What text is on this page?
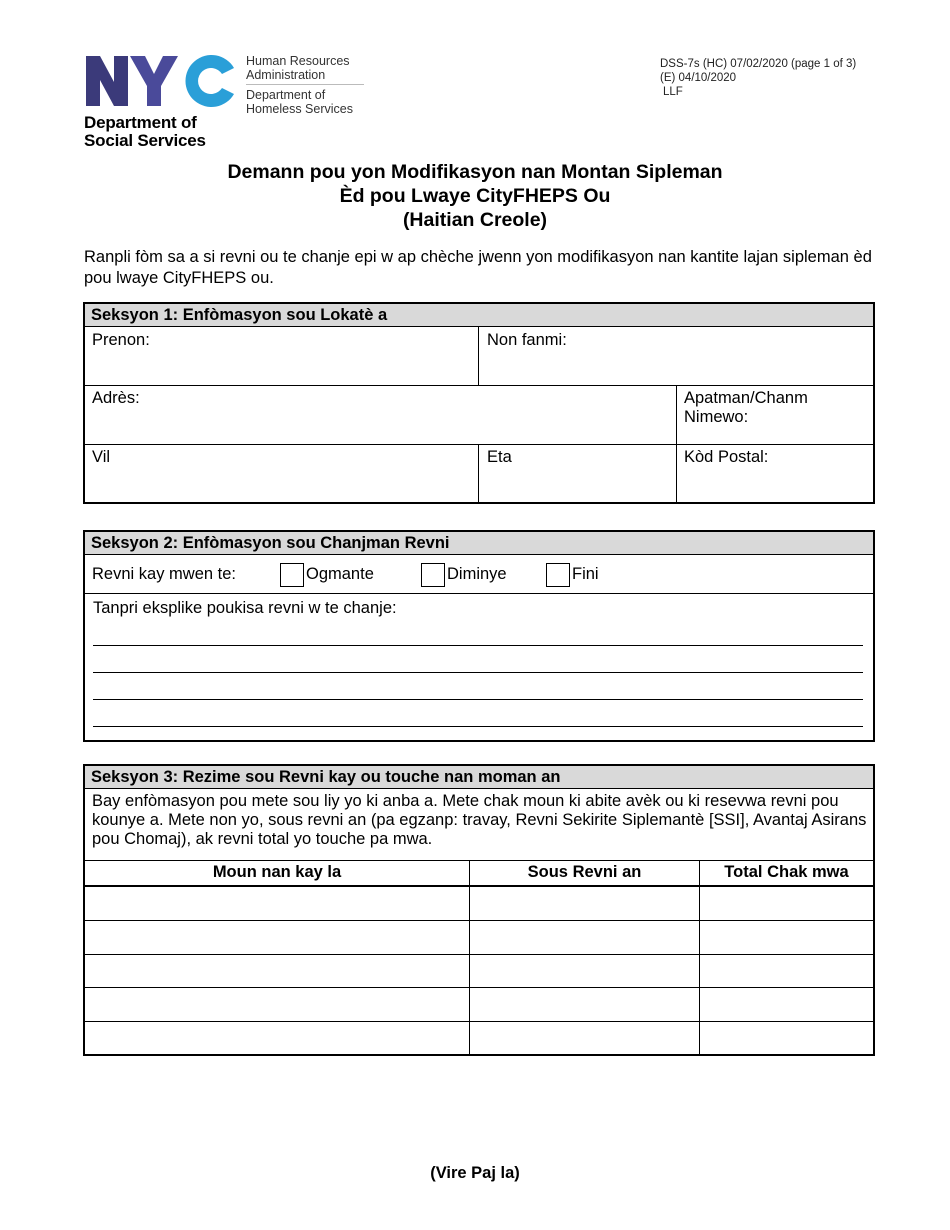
Human Resources
Administration
Department of
Homeless Services
Department of
Social Services
DSS-7s (HC) 07/02/2020 (page 1 of 3)
(E) 04/10/2020
LLF
Demann pou yon Modifikasyon nan Montan Sipleman
Èd pou Lwaye CityFHEPS Ou
(Haitian Creole)
Ranpli fòm sa a si revni ou te chanje epi w ap chèche jwenn yon modifikasyon nan kantite lajan sipleman èd pou lwaye CityFHEPS ou.
Seksyon 1: Enfòmasyon sou Lokatè a
Prenon:	Non fanmi:
Adrès:	Apatman/Chanm
Nimewo:
Vil	Eta	Kòd Postal:
Seksyon 2: Enfòmasyon sou Chanjman Revni
Revni kay mwen te:	Ogmante	Diminye	Fini
Tanpri eksplike poukisa revni w te chanje:
Seksyon 3: Rezime sou Revni kay ou touche nan moman an
Bay enfòmasyon pou mete sou liy yo ki anba a. Mete chak moun ki abite avèk ou ki resevwa revni pou kounye a. Mete non yo, sous revni an (pa egzanp: travay, Revni Sekirite Siplemantè [SSI], Avantaj Asirans pou Chomaj), ak revni total yo touche pa mwa.
Moun nan kay la	Sous Revni an	Total Chak mwa
(Vire Paj la)
